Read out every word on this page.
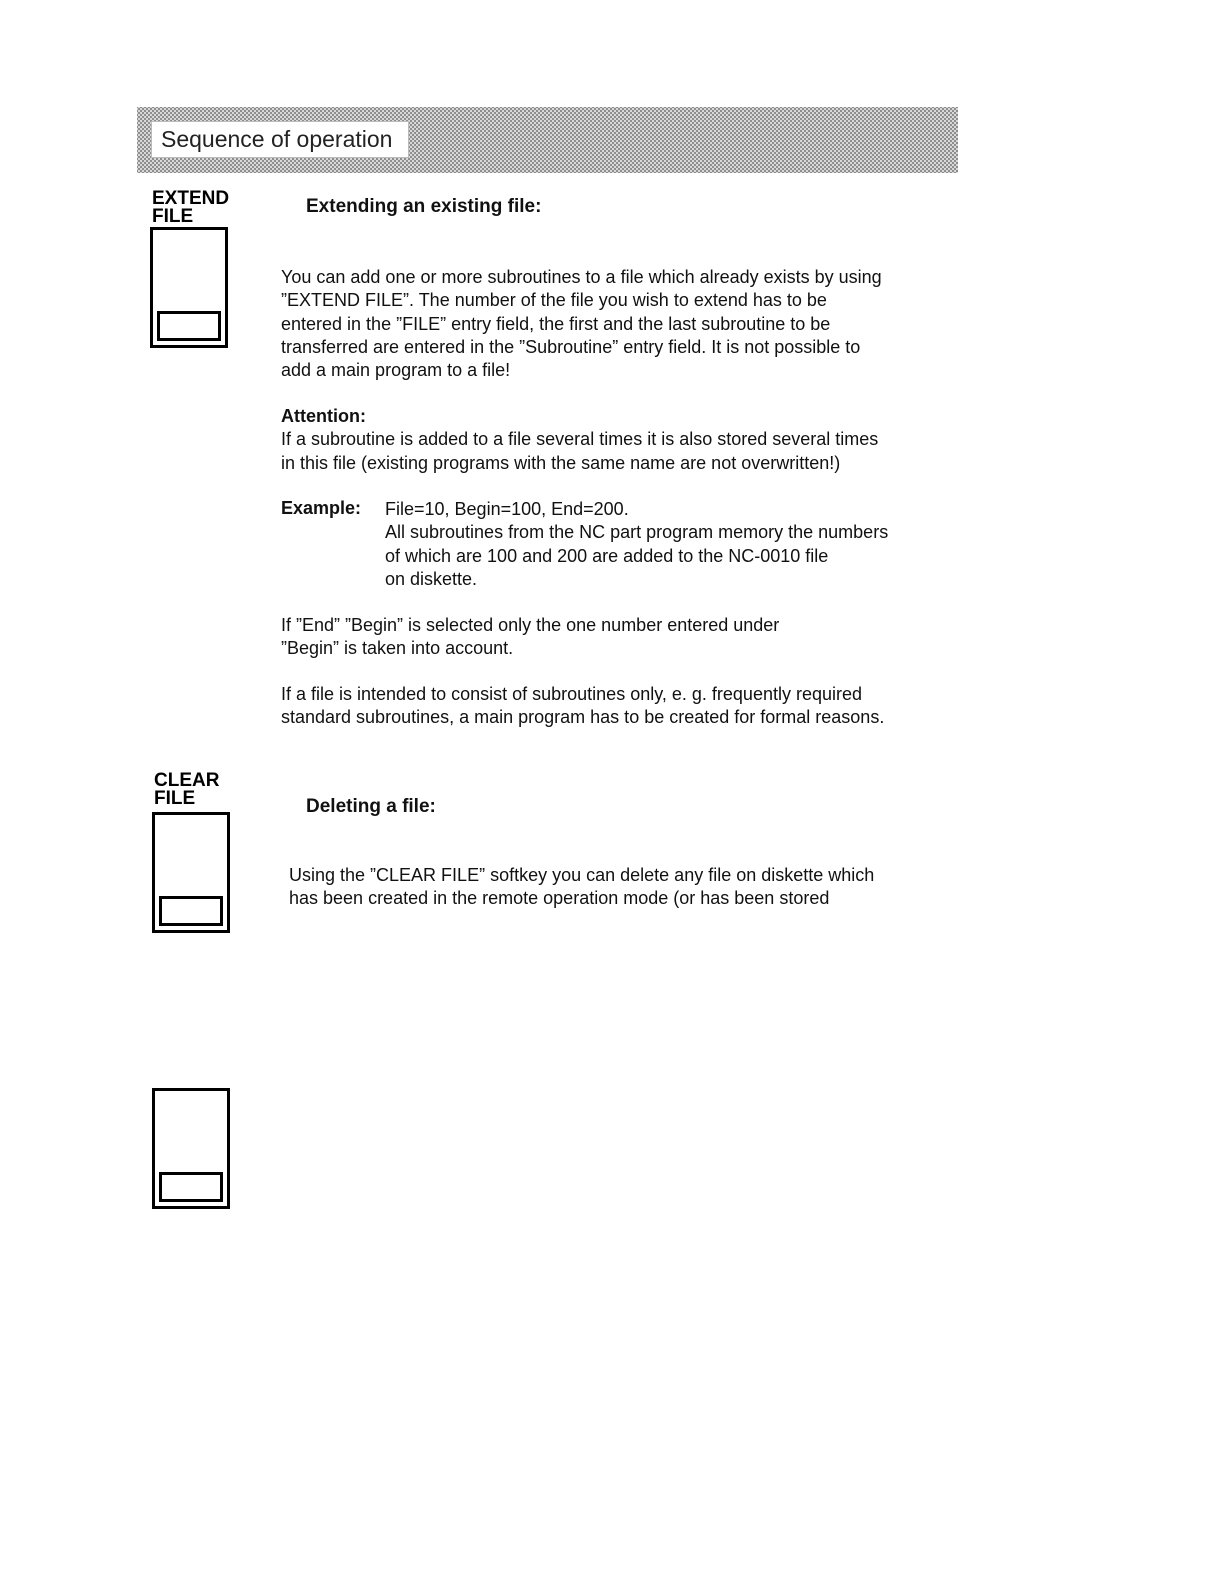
Sequence of operation
EXTEND
FILE	Extending an existing file:

You can add one or more subroutines to a file which already exists by using
”EXTEND FILE”. The number of the file you wish to extend has to be
entered in the ”FILE” entry field, the first and the last subroutine to be
transferred are entered in the ”Subroutine” entry field. It is not possible to
add a main program to a file!

Attention:
If a subroutine is added to a file several times it is also stored several times
in this file (existing programs with the same name are not overwritten!)

Example: File=10, Begin=100, End=200.
All subroutines from the NC part program memory the numbers
of which are 100 and 200 are added to the NC-0010 file
on diskette.

If ”End” ”Begin” is selected only the one number entered under
”Begin” is taken into account.

If a file is intended to consist of subroutines only, e. g. frequently required
standard subroutines, a main program has to be created for formal reasons.

CLEAR
FILE	Deleting a file:

Using the ”CLEAR FILE” softkey you can delete any file on diskette which
has been created in the remote operation mode (or has been stored
